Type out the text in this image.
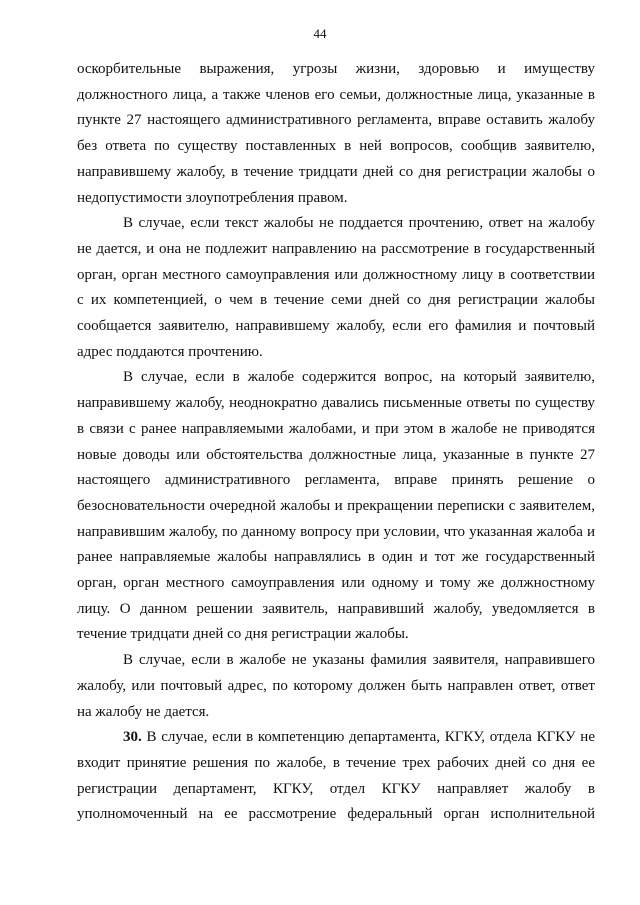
44

оскорбительные выражения, угрозы жизни, здоровью и имуществу должностного лица, а также членов его семьи, должностные лица, указанные в пункте 27 настоящего административного регламента, вправе оставить жалобу без ответа по существу поставленных в ней вопросов, сообщив заявителю, направившему жалобу, в течение тридцати дней со дня регистрации жалобы о недопустимости злоупотребления правом.

В случае, если текст жалобы не поддается прочтению, ответ на жалобу не дается, и она не подлежит направлению на рассмотрение в государственный орган, орган местного самоуправления или должностному лицу в соответствии с их компетенцией, о чем в течение семи дней со дня регистрации жалобы сообщается заявителю, направившему жалобу, если его фамилия и почтовый адрес поддаются прочтению.

В случае, если в жалобе содержится вопрос, на который заявителю, направившему жалобу, неоднократно давались письменные ответы по существу в связи с ранее направляемыми жалобами, и при этом в жалобе не приводятся новые доводы или обстоятельства должностные лица, указанные в пункте 27 настоящего административного регламента, вправе принять решение о безосновательности очередной жалобы и прекращении переписки с заявителем, направившим жалобу, по данному вопросу при условии, что указанная жалоба и ранее направляемые жалобы направлялись в один и тот же государственный орган, орган местного самоуправления или одному и тому же должностному лицу. О данном решении заявитель, направивший жалобу, уведомляется в течение тридцати дней со дня регистрации жалобы.

В случае, если в жалобе не указаны фамилия заявителя, направившего жалобу, или почтовый адрес, по которому должен быть направлен ответ, ответ на жалобу не дается.

30. В случае, если в компетенцию департамента, КГКУ, отдела КГКУ не входит принятие решения по жалобе, в течение трех рабочих дней со дня ее регистрации департамент, КГКУ, отдел КГКУ направляет жалобу в уполномоченный на ее рассмотрение федеральный орган исполнительной
